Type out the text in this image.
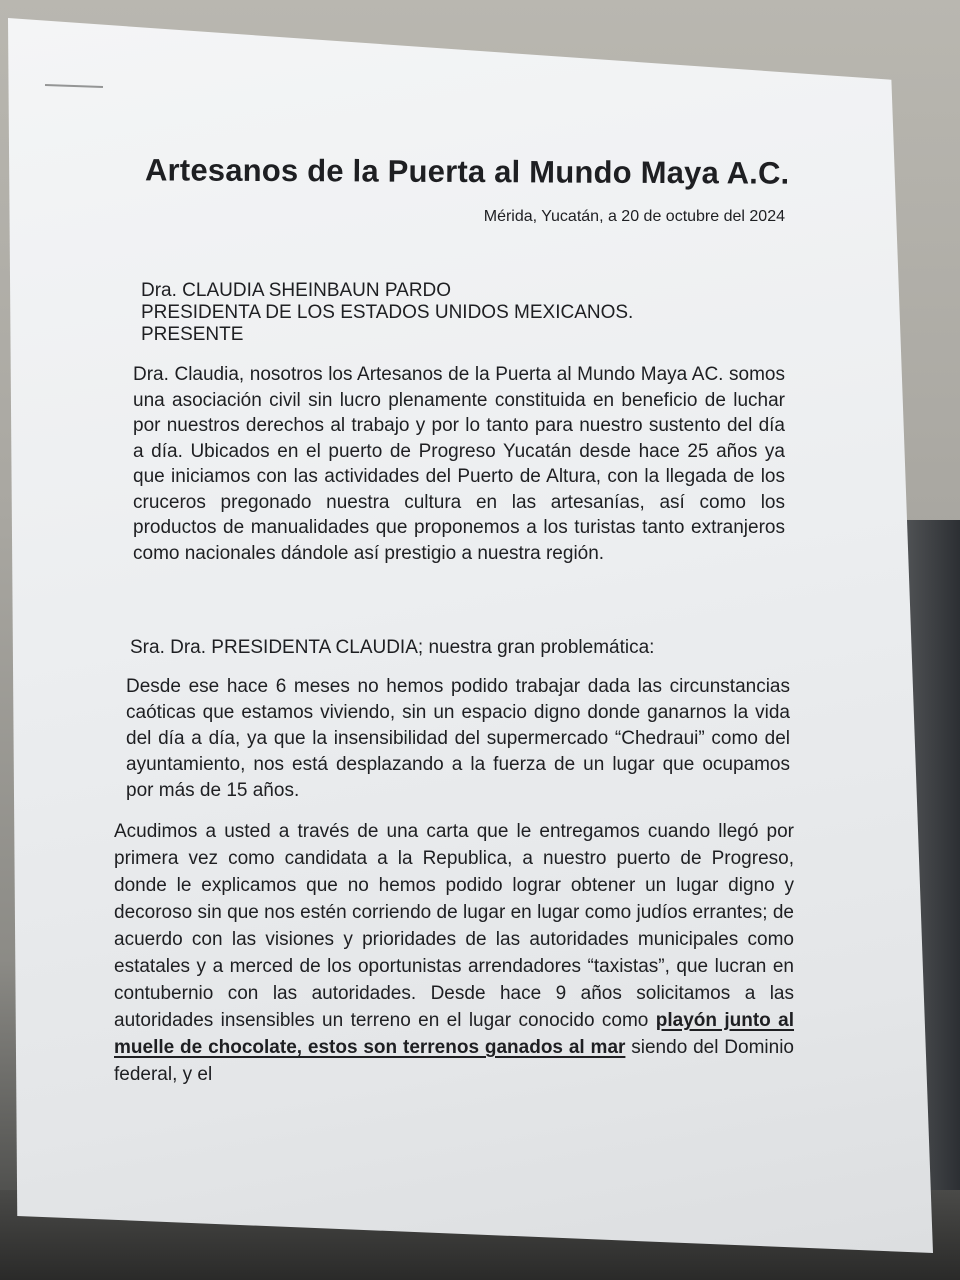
Artesanos de la Puerta al Mundo Maya A.C.
Mérida, Yucatán, a 20 de octubre del 2024
Dra. CLAUDIA SHEINBAUN PARDO
PRESIDENTA DE LOS ESTADOS UNIDOS MEXICANOS.
PRESENTE
Dra. Claudia, nosotros los Artesanos de la Puerta al Mundo Maya AC. somos una asociación civil sin lucro plenamente constituida en beneficio de luchar por nuestros derechos al trabajo y por lo tanto para nuestro sustento del día a día. Ubicados en el puerto de Progreso Yucatán desde hace 25 años ya que iniciamos con las actividades del Puerto de Altura, con la llegada de los cruceros pregonado nuestra cultura en las artesanías, así como los productos de manualidades que proponemos a los turistas tanto extranjeros como nacionales dándole así prestigio a nuestra región.
Sra. Dra. PRESIDENTA CLAUDIA; nuestra gran problemática:
Desde ese hace 6 meses no hemos podido trabajar dada las circunstancias caóticas que estamos viviendo, sin un espacio digno donde ganarnos la vida del día a día, ya que la insensibilidad del supermercado “Chedraui” como del ayuntamiento, nos está desplazando a la fuerza de un lugar que ocupamos por más de 15 años.
Acudimos a usted a través de una carta que le entregamos cuando llegó por primera vez como candidata a la Republica, a nuestro puerto de Progreso, donde le explicamos que no hemos podido lograr obtener un lugar digno y decoroso sin que nos estén corriendo de lugar en lugar como judíos errantes; de acuerdo con las visiones y prioridades de las autoridades municipales como estatales y a merced de los oportunistas arrendadores “taxistas”, que lucran en contubernio con las autoridades. Desde hace 9 años solicitamos a las autoridades insensibles un terreno en el lugar conocido como playón junto al muelle de chocolate, estos son terrenos ganados al mar siendo del Dominio federal, y el
